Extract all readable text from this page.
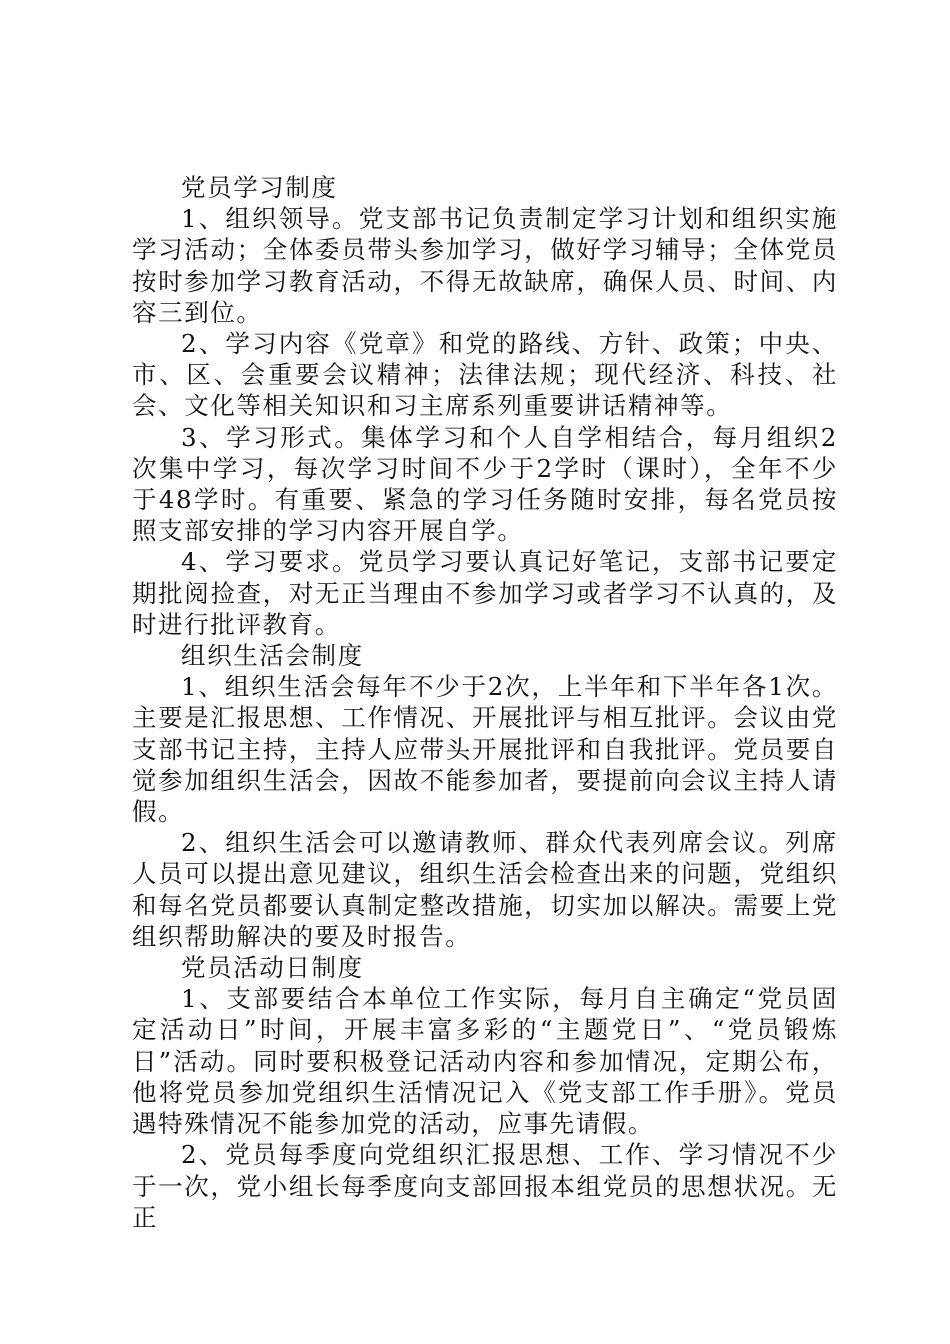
党员学习制度

1、组织领导。党支部书记负责制定学习计划和组织实施学习活动；全体委员带头参加学习，做好学习辅导；全体党员按时参加学习教育活动，不得无故缺席，确保人员、时间、内容三到位。

2、学习内容《党章》和党的路线、方针、政策；中央、市、区、会重要会议精神；法律法规；现代经济、科技、社会、文化等相关知识和习主席系列重要讲话精神等。

3、学习形式。集体学习和个人自学相结合，每月组织2次集中学习，每次学习时间不少于2学时（课时），全年不少于48学时。有重要、紧急的学习任务随时安排，每名党员按照支部安排的学习内容开展自学。

4、学习要求。党员学习要认真记好笔记，支部书记要定期批阅捡查，对无正当理由不参加学习或者学习不认真的，及时进行批评教育。

组织生活会制度

1、组织生活会每年不少于2次，上半年和下半年各1次。主要是汇报思想、工作情况、开展批评与相互批评。会议由党支部书记主持，主持人应带头开展批评和自我批评。党员要自觉参加组织生活会，因故不能参加者，要提前向会议主持人请假。

2、组织生活会可以邀请教师、群众代表列席会议。列席人员可以提出意见建议，组织生活会检查出来的问题，党组织和每名党员都要认真制定整改措施，切实加以解决。需要上党组织帮助解决的要及时报告。

党员活动日制度

1、支部要结合本单位工作实际，每月自主确定“党员固定活动日”时间，开展丰富多彩的“主题党日”、“党员锻炼日”活动。同时要积极登记活动内容和参加情况，定期公布，他将党员参加党组织生活情况记入《党支部工作手册》。党员遇特殊情况不能参加党的活动，应事先请假。

2、党员每季度向党组织汇报思想、工作、学习情况不少于一次，党小组长每季度向支部回报本组党员的思想状况。无正
